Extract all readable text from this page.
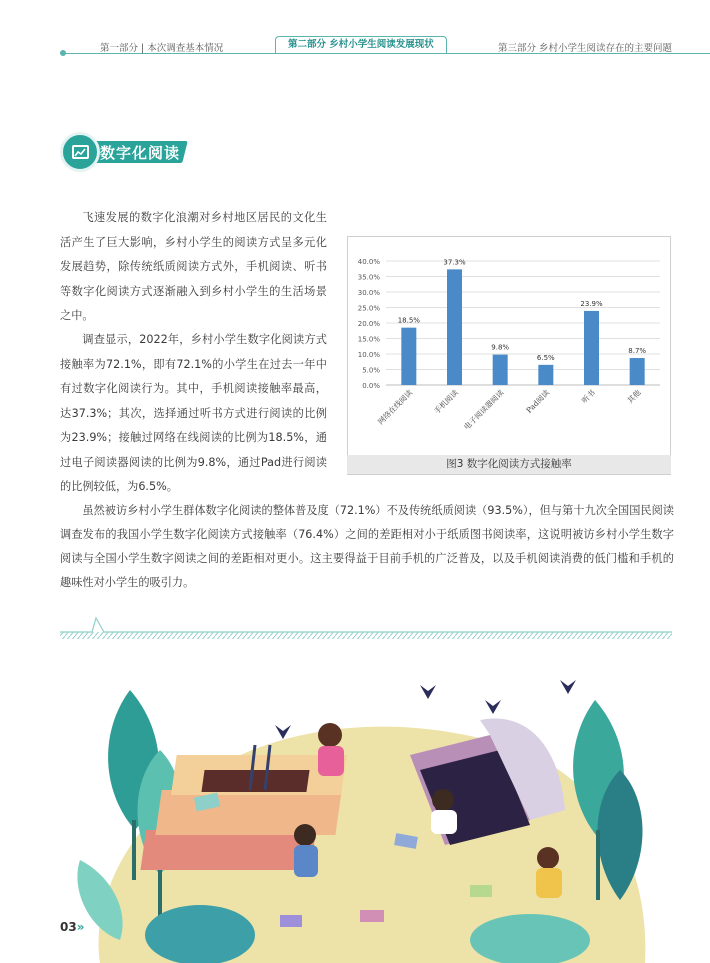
第一部分 | 本次调查基本情况	第二部分 乡村小学生阅读发展现状	第三部分 乡村小学生阅读存在的主要问题
数字化阅读

飞速发展的数字化浪潮对乡村地区居民的文化生活产生了巨大影响，乡村小学生的阅读方式呈多元化发展趋势，除传统纸质阅读方式外，手机阅读、听书等数字化阅读方式逐渐融入到乡村小学生的生活场景之中。

调查显示，2022年，乡村小学生数字化阅读方式接触率为72.1%，即有72.1%的小学生在过去一年中有过数字化阅读行为。其中，手机阅读接触率最高，达37.3%；其次，选择通过听书方式进行阅读的比例为23.9%；接触过网络在线阅读的比例为18.5%，通过电子阅读器阅读的比例为9.8%，通过Pad进行阅读的比例较低，为6.5%。

虽然被访乡村小学生群体数字化阅读的整体普及度（72.1%）不及传统纸质阅读（93.5%），但与第十九次全国国民阅读调查发布的我国小学生数字化阅读方式接触率（76.4%）之间的差距相对小于纸质图书阅读率，这说明被访乡村小学生数字阅读与全国小学生数字阅读之间的差距相对更小。这主要得益于目前手机的广泛普及，以及手机阅读消费的低门槛和手机的趣味性对小学生的吸引力。

0.0%
5.0%
10.0%
15.0%
20.0%
25.0%
30.0%
35.0%
40.0%
18.5%
网络在线阅读
37.3%
手机阅读
9.8%
电子阅读器阅读
6.5%
Pad阅读
23.9%
听书
8.7%
其他
图3 数字化阅读方式接触率
03»
